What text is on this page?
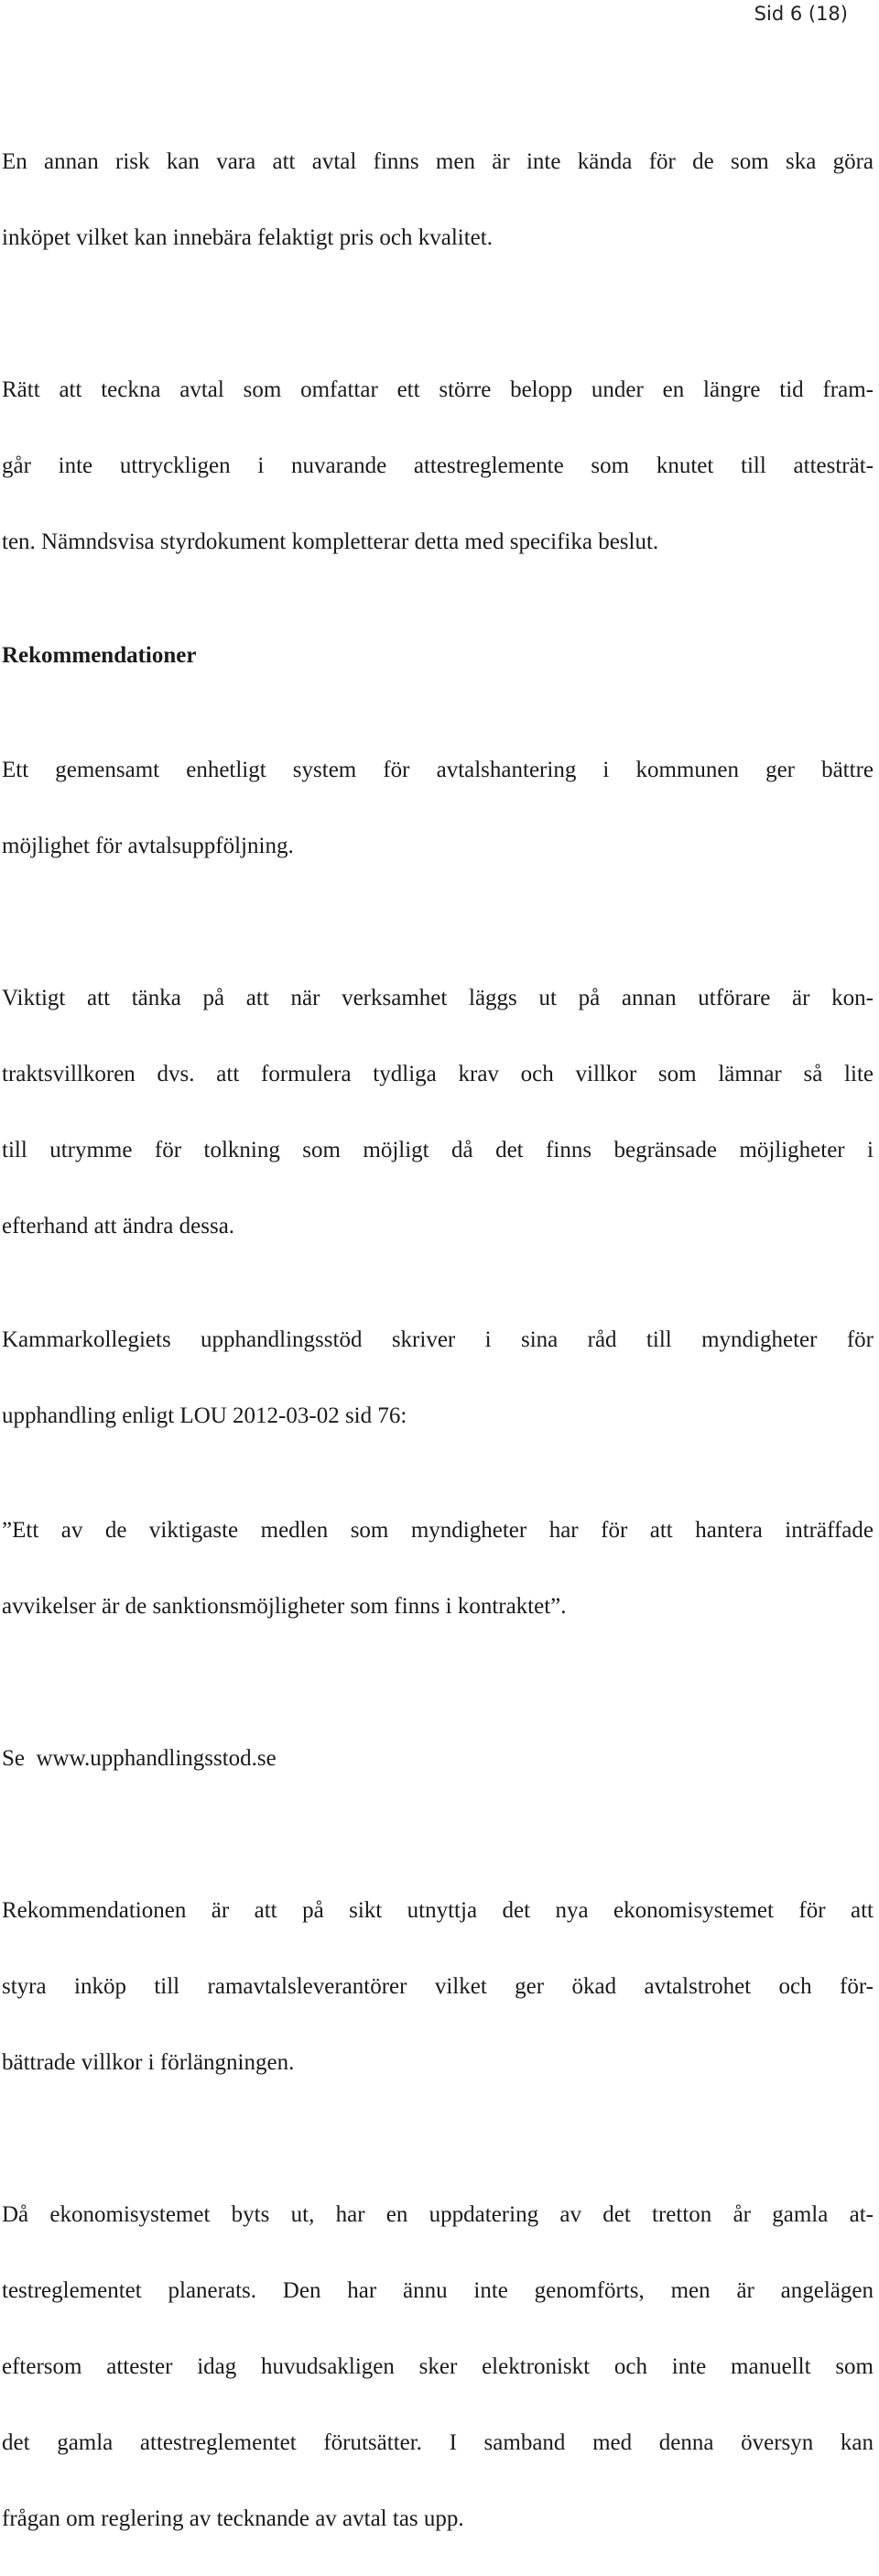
Sid 6 (18)

En annan risk kan vara att avtal finns men är inte kända för de som ska göra

inköpet vilket kan innebära felaktigt pris och kvalitet.

Rätt att teckna avtal som omfattar ett större belopp under en längre tid fram-

går inte uttryckligen i nuvarande attestreglemente som knutet till attesträt-

ten. Nämndsvisa styrdokument kompletterar detta med specifika beslut.

Rekommendationer

Ett gemensamt enhetligt system för avtalshantering i kommunen ger bättre

möjlighet för avtalsuppföljning.

Viktigt att tänka på att när verksamhet läggs ut på annan utförare är kon-

traktsvillkoren dvs. att formulera tydliga krav och villkor som lämnar så lite

till utrymme för tolkning som möjligt då det finns begränsade möjligheter i

efterhand att ändra dessa.

Kammarkollegiets upphandlingsstöd skriver i sina råd till myndigheter för

upphandling enligt LOU 2012-03-02 sid 76:

”Ett av de viktigaste medlen som myndigheter har för att hantera inträffade

avvikelser är de sanktionsmöjligheter som finns i kontraktet”.

Se  www.upphandlingsstod.se

Rekommendationen är att på sikt utnyttja det nya ekonomisystemet för att

styra inköp till ramavtalsleverantörer vilket ger ökad avtalstrohet och för-

bättrade villkor i förlängningen.

Då ekonomisystemet byts ut, har en uppdatering av det tretton år gamla at-

testreglementet planerats. Den har ännu inte genomförts, men är angelägen

eftersom attester idag huvudsakligen sker elektroniskt och inte manuellt som

det gamla attestreglementet förutsätter. I samband med denna översyn kan

frågan om reglering av tecknande av avtal tas upp.
